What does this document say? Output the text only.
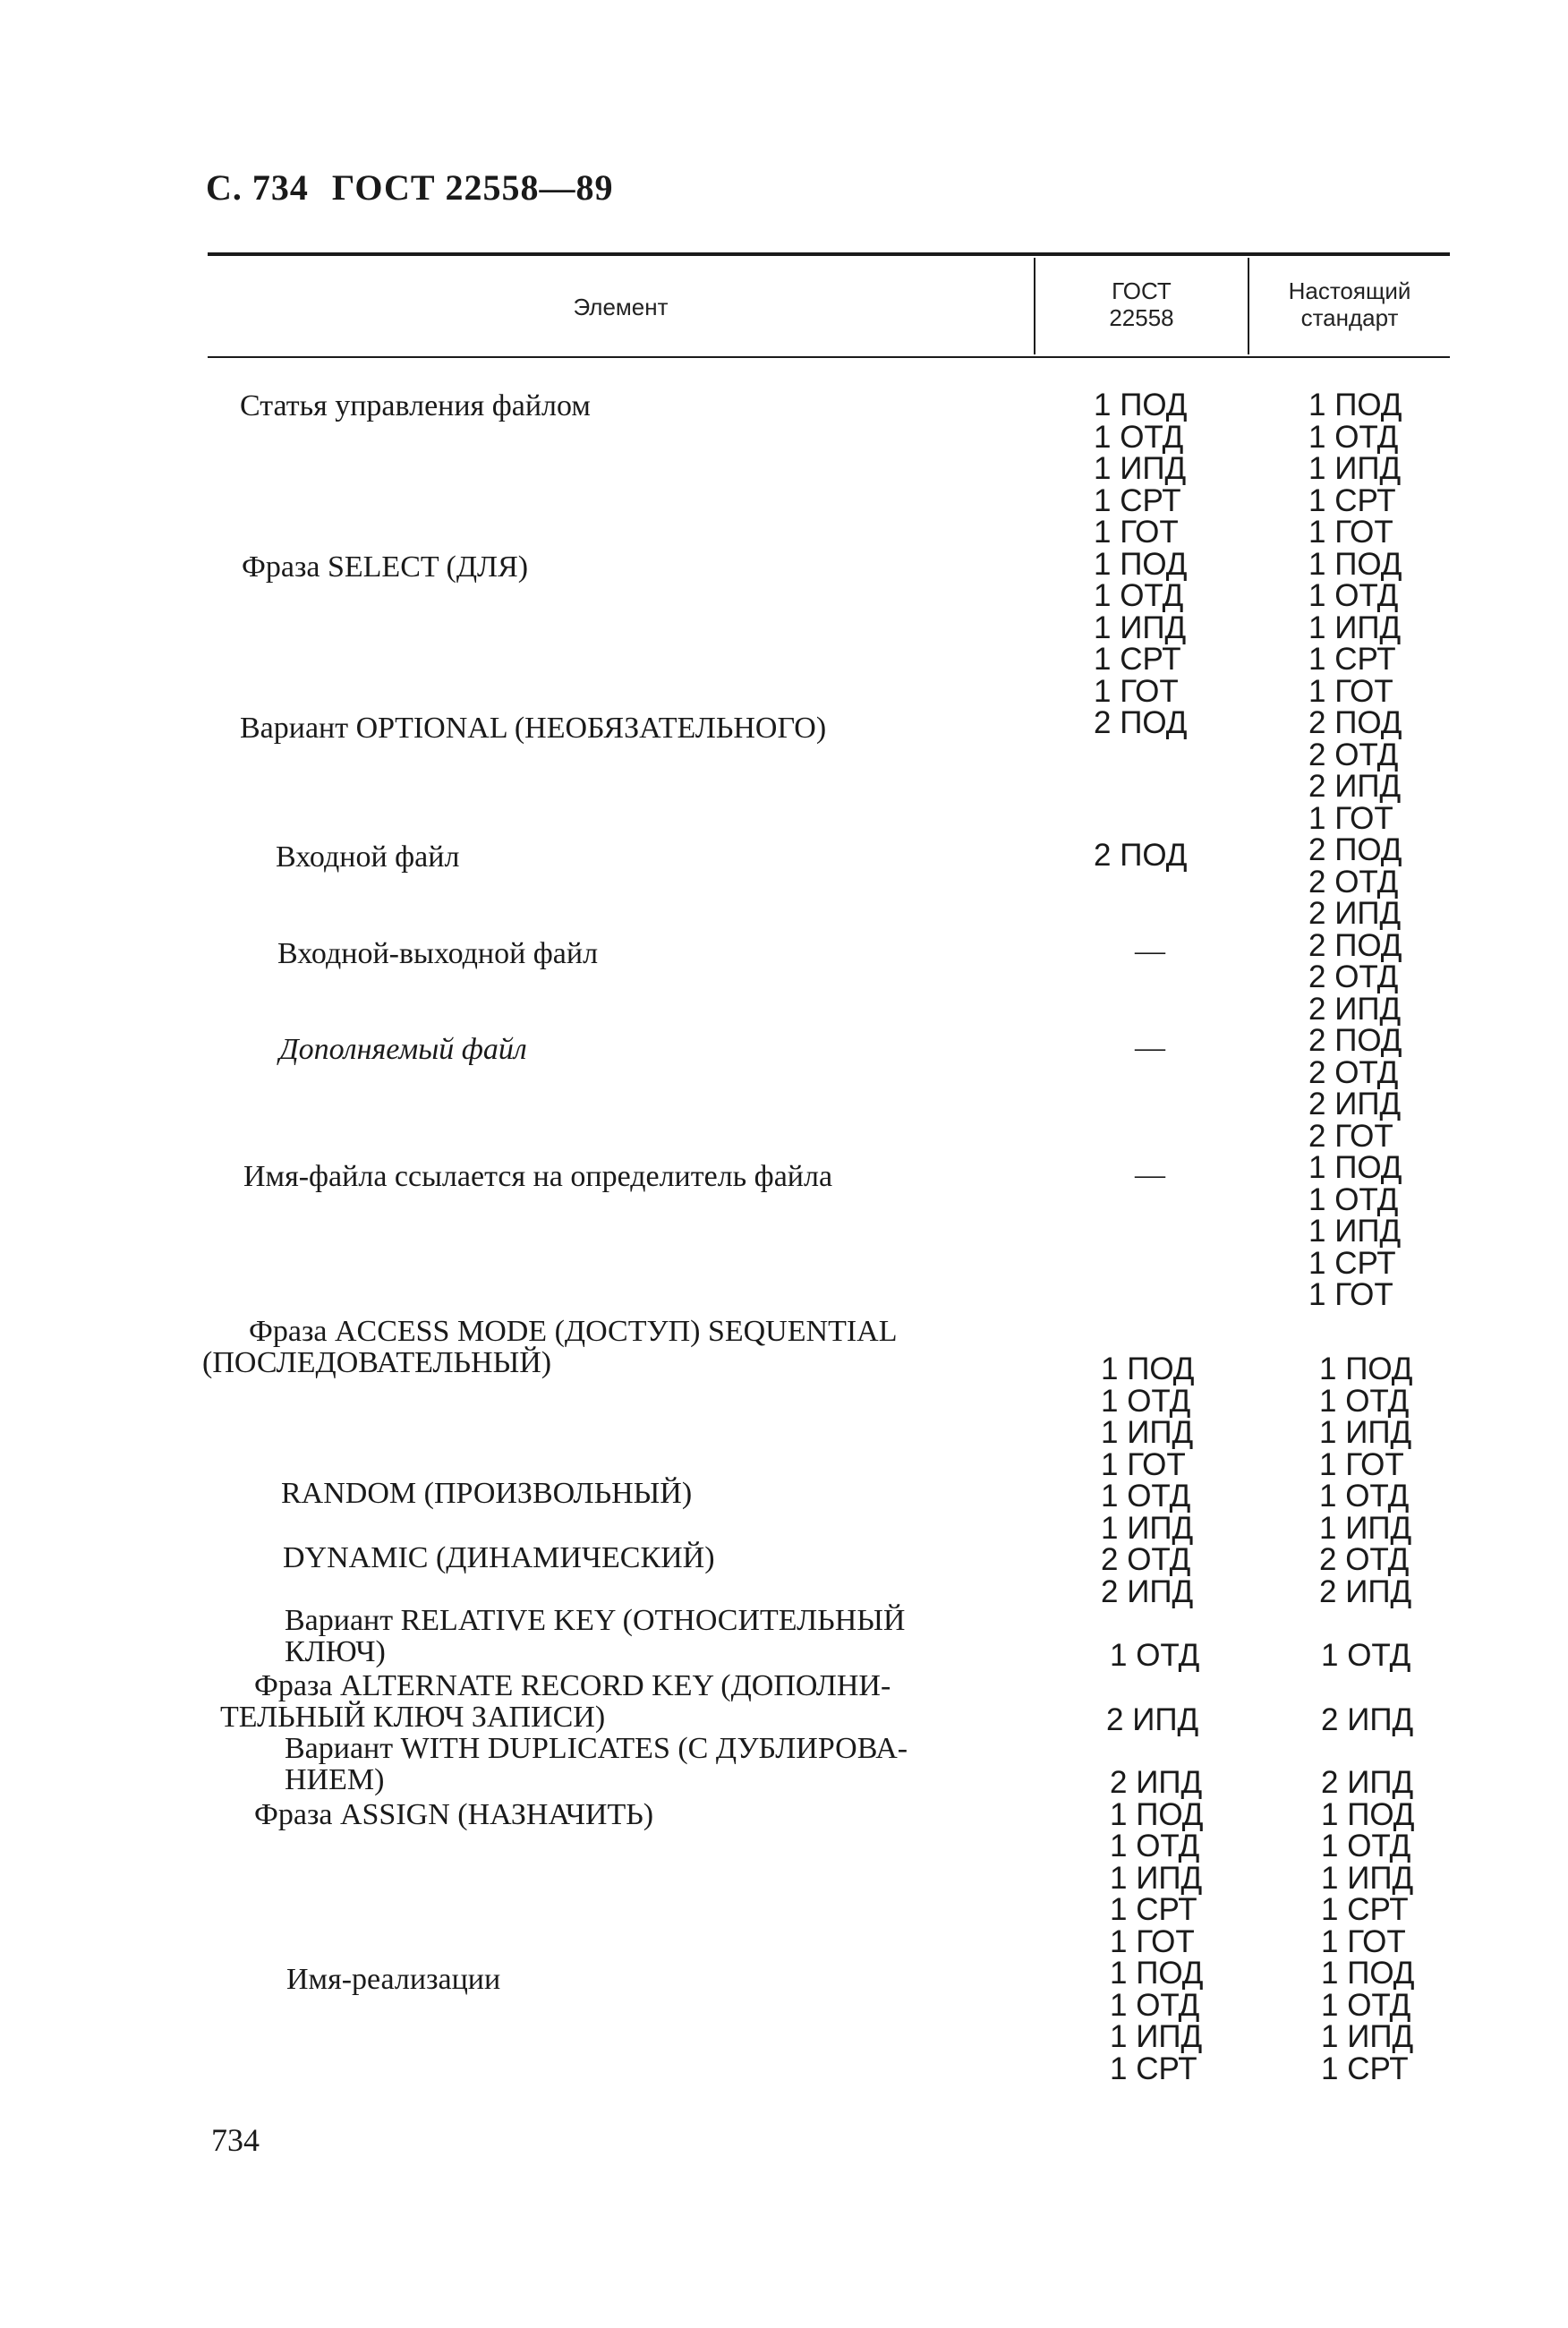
С. 734 ГОСТ 22558—89
Элемент
ГОСТ
22558
Настоящий
стандарт
Статья управления файлом
Фраза SELECT (ДЛЯ)
Вариант OPTIONAL (НЕОБЯЗАТЕЛЬНОГО)
Входной файл
Входной-выходной файл
Дополняемый файл
Имя-файла ссылается на определитель файла
Фраза ACCESS MODE (ДОСТУП) SEQUENTIAL
(ПОСЛЕДОВАТЕЛЬНЫЙ)
RANDOM (ПРОИЗВОЛЬНЫЙ)
DYNAMIC (ДИНАМИЧЕСКИЙ)
Вариант RELATIVE KEY (ОТНОСИТЕЛЬНЫЙ
КЛЮЧ)
Фраза ALTERNATE RECORD KEY (ДОПОЛНИ-
ТЕЛЬНЫЙ КЛЮЧ ЗАПИСИ)
Вариант WITH DUPLICATES (С ДУБЛИРОВА-
НИЕМ)
Фраза ASSIGN (НАЗНАЧИТЬ)
Имя-реализации
1 ПОД
1 ОТД
1 ИПД
1 СРТ
1 ГОТ
1 ПОД
1 ОТД
1 ИПД
1 СРТ
1 ГОТ
2 ПОД
2 ПОД
—
—
—
1 ПОД
1 ОТД
1 ИПД
1 ГОТ
1 ОТД
1 ИПД
2 ОТД
2 ИПД
1 ОТД
2 ИПД
2 ИПД
1 ПОД
1 ОТД
1 ИПД
1 СРТ
1 ГОТ
1 ПОД
1 ОТД
1 ИПД
1 СРТ
1 ПОД
1 ОТД
1 ИПД
1 СРТ
1 ГОТ
1 ПОД
1 ОТД
1 ИПД
1 СРТ
1 ГОТ
2 ПОД
2 ОТД
2 ИПД
1 ГОТ
2 ПОД
2 ОТД
2 ИПД
2 ПОД
2 ОТД
2 ИПД
2 ПОД
2 ОТД
2 ИПД
2 ГОТ
1 ПОД
1 ОТД
1 ИПД
1 СРТ
1 ГОТ
1 ПОД
1 ОТД
1 ИПД
1 ГОТ
1 ОТД
1 ИПД
2 ОТД
2 ИПД
1 ОТД
2 ИПД
2 ИПД
1 ПОД
1 ОТД
1 ИПД
1 СРТ
1 ГОТ
1 ПОД
1 ОТД
1 ИПД
1 СРТ
734
